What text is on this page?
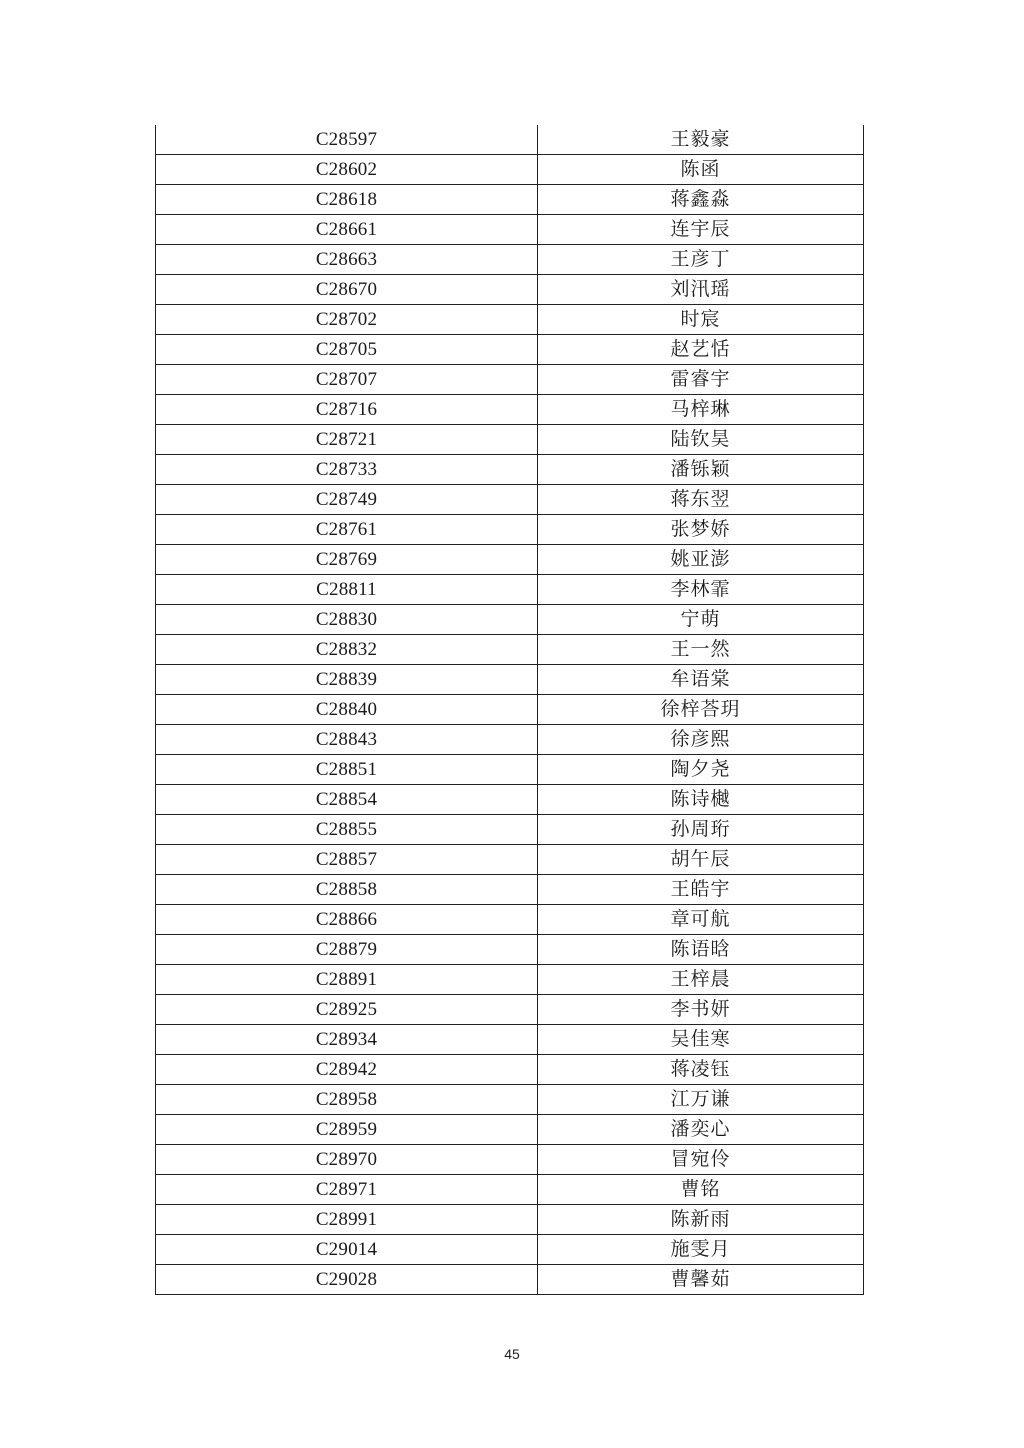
C28597	王毅豪
C28602	陈函
C28618	蒋鑫淼
C28661	连宇辰
C28663	王彦丁
C28670	刘汛瑶
C28702	时宸
C28705	赵艺恬
C28707	雷睿宇
C28716	马梓琳
C28721	陆钦昊
C28733	潘铄颖
C28749	蒋东翌
C28761	张梦娇
C28769	姚亚澎
C28811	李林霏
C28830	宁萌
C28832	王一然
C28839	牟语棠
C28840	徐梓荅玥
C28843	徐彦熙
C28851	陶夕尧
C28854	陈诗樾
C28855	孙周珩
C28857	胡午辰
C28858	王皓宇
C28866	章可航
C28879	陈语晗
C28891	王梓晨
C28925	李书妍
C28934	吴佳寒
C28942	蒋凌钰
C28958	江万谦
C28959	潘奕心
C28970	冒宛伶
C28971	曹铭
C28991	陈新雨
C29014	施雯月
C29028	曹馨茹
45
